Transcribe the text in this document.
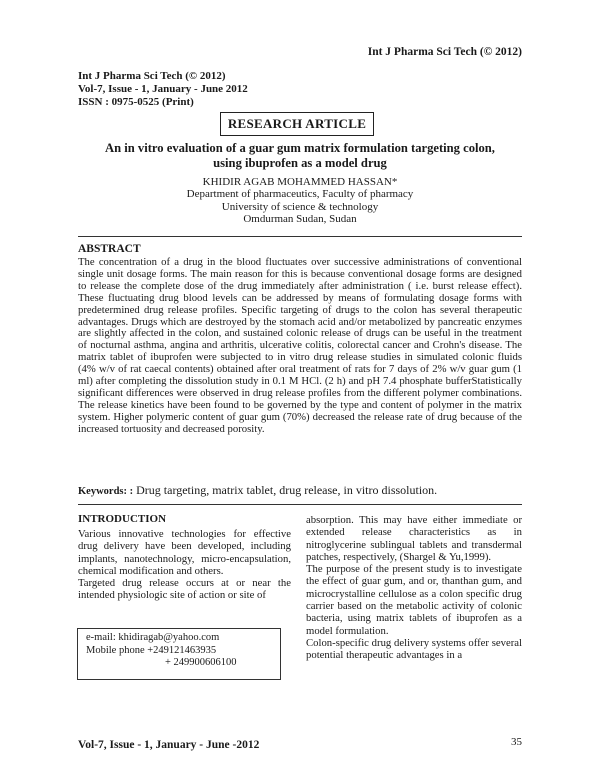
Int J Pharma Sci Tech (© 2012)
Int J Pharma Sci Tech (© 2012)
Vol-7, Issue - 1, January - June 2012
ISSN : 0975-0525 (Print)
RESEARCH ARTICLE
An in vitro evaluation of a guar gum matrix formulation targeting colon,
using ibuprofen as a model drug
KHIDIR AGAB MOHAMMED HASSAN*
Department of pharmaceutics, Faculty of pharmacy
University of science & technology
Omdurman Sudan, Sudan
ABSTRACT
The concentration of a drug in the blood fluctuates over successive administrations of conventional single unit dosage forms. The main reason for this is because conventional dosage forms are designed to release the complete dose of the drug immediately after administration ( i.e. burst release effect). These fluctuating drug blood levels can be addressed by means of formulating dosage forms with predetermined drug release profiles. Specific targeting of drugs to the colon has several therapeutic advantages. Drugs which are destroyed by the stomach acid and/or metabolized by pancreatic enzymes are slightly affected in the colon, and sustained colonic release of drugs can be useful in the treatment of nocturnal asthma, angina and arthritis, ulcerative colitis, colorectal cancer and Crohn's disease. The matrix tablet of ibuprofen were subjected to in vitro drug release studies in simulated colonic fluids (4% w/v of rat caecal contents) obtained after oral treatment of rats for 7 days of 2% w/v guar gum (1 ml) after completing the dissolution study in 0.1 M HCl. (2 h) and pH 7.4 phosphate bufferStatistically significant differences were observed in drug release profiles from the different polymer combinations. The release kinetics have been found to be governed by the type and content of polymer in the matrix system. Higher polymeric content of guar gum (70%) decreased the release rate of drug because of the increased tortuosity and decreased porosity.
Keywords: : Drug targeting, matrix tablet, drug release, in vitro dissolution.
INTRODUCTION

Various innovative technologies for effective drug delivery have been developed, including implants, nanotechnology, micro-encapsulation, chemical modification and others.

Targeted drug release occurs at or near the intended physiologic site of action or site of

absorption. This may have either immediate or extended release characteristics as in nitroglycerine sublingual tablets and transdermal patches, respectively, (Shargel & Yu,1999).

The purpose of the present study is to investigate the effect of guar gum, and or, thanthan gum, and microcrystalline cellulose as a colon specific drug carrier based on the metabolic activity of colonic bacteria, using matrix tablets of ibuprofen as a model formulation.

Colon-specific drug delivery systems offer several potential therapeutic advantages in a

e-mail: khidiragab@yahoo.com
Mobile phone +249121463935
+ 249900606100
Vol-7, Issue - 1, January - June -2012	35
